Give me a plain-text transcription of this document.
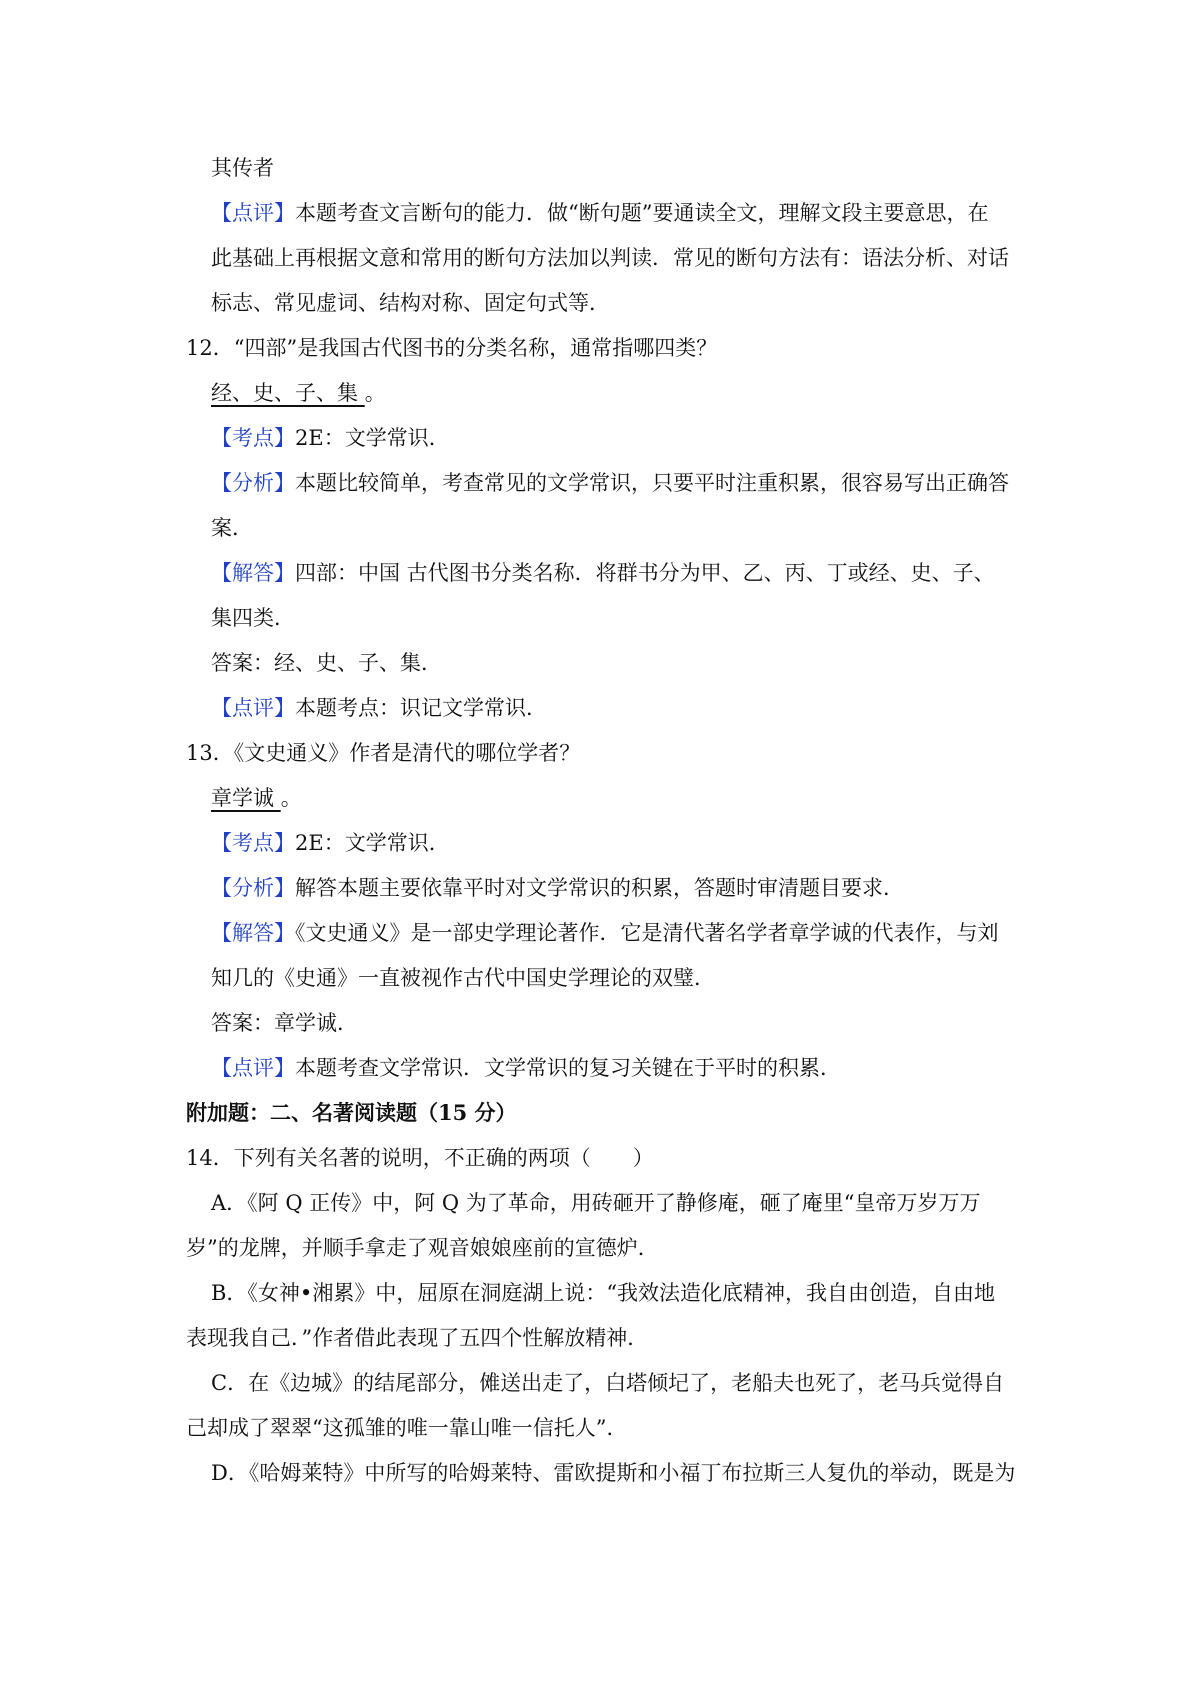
其传者
【点评】本题考查文言断句的能力．做“断句题”要通读全文，理解文段主要意思，在
此基础上再根据文意和常用的断句方法加以判读．常见的断句方法有：语法分析、对话
标志、常见虚词、结构对称、固定句式等．
12．“四部”是我国古代图书的分类名称，通常指哪四类？
经、史、子、集 。
【考点】2E：文学常识．
【分析】本题比较简单，考查常见的文学常识，只要平时注重积累，很容易写出正确答
案．
【解答】四部：中国 古代图书分类名称．将群书分为甲、乙、丙、丁或经、史、子、
集四类．
答案：经、史、子、集．
【点评】本题考点：识记文学常识．
13．《文史通义》作者是清代的哪位学者？
章学诚 。
【考点】2E：文学常识．
【分析】解答本题主要依靠平时对文学常识的积累，答题时审清题目要求．
【解答】《文史通义》是一部史学理论著作．它是清代著名学者章学诚的代表作，与刘
知几的《史通》一直被视作古代中国史学理论的双璧．
答案：章学诚．
【点评】本题考查文学常识．文学常识的复习关键在于平时的积累．
附加题：二、名著阅读题（15 分）
14．下列有关名著的说明，不正确的两项（　　）
A．《阿 Q 正传》中，阿 Q 为了革命，用砖砸开了静修庵，砸了庵里“皇帝万岁万万
岁”的龙牌，并顺手拿走了观音娘娘座前的宣德炉．
B．《女神•湘累》中，屈原在洞庭湖上说：“我效法造化底精神，我自由创造，自由地
表现我自己．”作者借此表现了五四个性解放精神．
C．在《边城》的结尾部分，傩送出走了，白塔倾圮了，老船夫也死了，老马兵觉得自
己却成了翠翠“这孤雏的唯一靠山唯一信托人”．
D．《哈姆莱特》中所写的哈姆莱特、雷欧提斯和小福丁布拉斯三人复仇的举动，既是为
